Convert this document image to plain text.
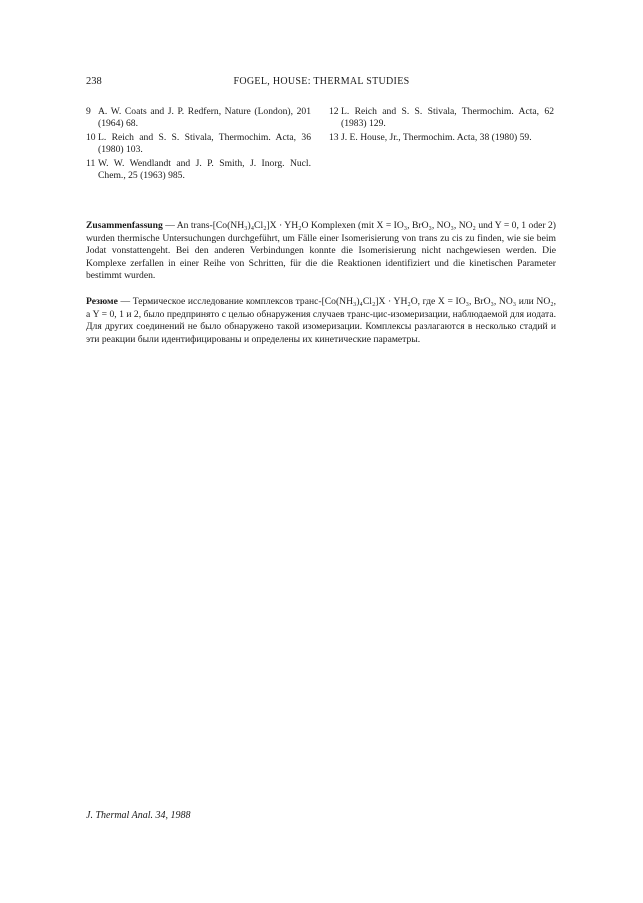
238	FOGEL, HOUSE: THERMAL STUDIES
9 A. W. Coats and J. P. Redfern, Nature (London), 201 (1964) 68.
10 L. Reich and S. S. Stivala, Thermochim. Acta, 36 (1980) 103.
11 W. W. Wendlandt and J. P. Smith, J. Inorg. Nucl. Chem., 25 (1963) 985.
12 L. Reich and S. S. Stivala, Thermochim. Acta, 62 (1983) 129.
13 J. E. House, Jr., Thermochim. Acta, 38 (1980) 59.

Zusammenfassung — An trans-[Co(NH₃)₄Cl₂]X · YH₂O Komplexen (mit X = IO₃, BrO₃, NO₃, NO₂ und Y = 0, 1 oder 2) wurden thermische Untersuchungen durchgeführt, um Fälle einer Isomerisierung von trans zu cis zu finden, wie sie beim Jodat vonstattengeht. Bei den anderen Verbindungen konnte die Isomerisierung nicht nachgewiesen werden. Die Komplexe zerfallen in einer Reihe von Schritten, für die die Reaktionen identifiziert und die kinetischen Parameter bestimmt wurden.

Резюме — Термическое исследование комплексов транс-[Co(NH₃)₄Cl₂]X · YH₂O, где X = IO₃, BrO₃, NO₃ или NO₂, а Y = 0, 1 и 2, было предпринято с целью обнаружения случаев транс-цис-изомеризации, наблюдаемой для иодата. Для других соединений не было обнаружено такой изомеризации. Комплексы разлагаются в несколько стадий и эти реакции были идентифицированы и определены их кинетические параметры.

J. Thermal Anal. 34, 1988
